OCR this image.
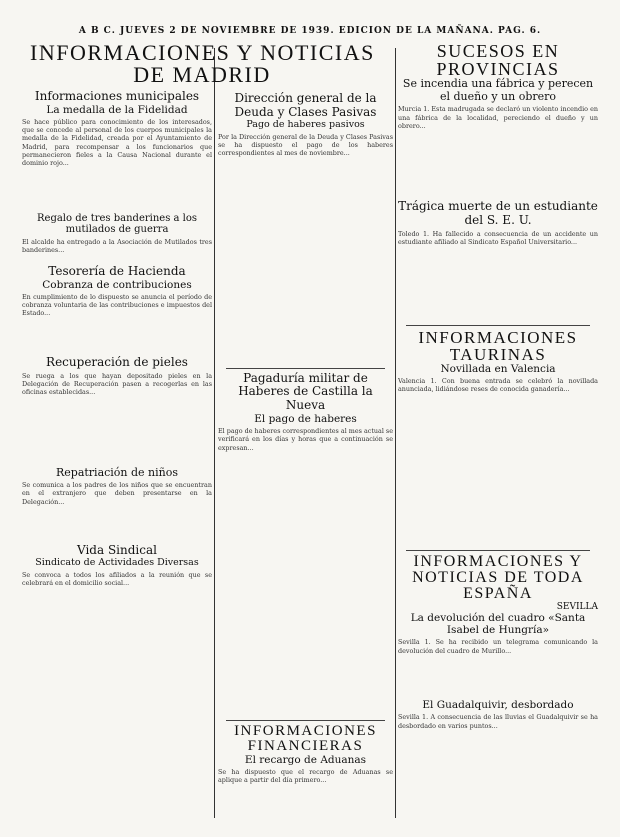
A B C. JUEVES 2 DE NOVIEMBRE DE 1939. EDICION DE LA MAÑANA. PAG. 6.

INFORMACIONES Y NOTICIAS

DE MADRID

Informaciones municipales

La medalla de la Fidelidad

Se hace público para conocimiento de los interesados, que se concede al personal de los cuerpos municipales la medalla de la Fidelidad, creada por el Ayuntamiento de Madrid, para recompensar a los funcionarios que permanecieron fieles a la Causa Nacional durante el dominio rojo...

Regalo de tres banderines a los mutilados de guerra

El alcalde ha entregado a la Asociación de Mutilados tres banderines...

Tesorería de Hacienda

Cobranza de contribuciones

En cumplimiento de lo dispuesto se anuncia el período de cobranza voluntaria de las contribuciones e impuestos del Estado...

Recuperación de pieles

Se ruega a los que hayan depositado pieles en la Delegación de Recuperación pasen a recogerlas en las oficinas establecidas...

Repatriación de niños

Se comunica a los padres de los niños que se encuentran en el extranjero que deben presentarse en la Delegación...

Vida Sindical

Sindicato de Actividades Diversas

Se convoca a todos los afiliados a la reunión que se celebrará en el domicilio social...

Dirección general de la Deuda y Clases Pasivas

Pago de haberes pasivos

Por la Dirección general de la Deuda y Clases Pasivas se ha dispuesto el pago de los haberes correspondientes al mes de noviembre...

Pagaduría militar de Haberes de Castilla la Nueva

El pago de haberes

El pago de haberes correspondientes al mes actual se verificará en los días y horas que a continuación se expresan...

INFORMACIONES FINANCIERAS

El recargo de Aduanas

Se ha dispuesto que el recargo de Aduanas se aplique a partir del día primero...

SUCESOS EN PROVINCIAS

Se incendia una fábrica y perecen el dueño y un obrero

Murcia 1. Esta madrugada se declaró un violento incendio en una fábrica de la localidad, pereciendo el dueño y un obrero...

Trágica muerte de un estudiante del S. E. U.

Toledo 1. Ha fallecido a consecuencia de un accidente un estudiante afiliado al Sindicato Español Universitario...

INFORMACIONES TAURINAS

Novillada en Valencia

Valencia 1. Con buena entrada se celebró la novillada anunciada, lidiándose reses de conocida ganadería...

INFORMACIONES Y NOTICIAS DE TODA ESPAÑA

SEVILLA

La devolución del cuadro «Santa Isabel de Hungría»

Sevilla 1. Se ha recibido un telegrama comunicando la devolución del cuadro de Murillo...

El Guadalquivir, desbordado

Sevilla 1. A consecuencia de las lluvias el Guadalquivir se ha desbordado en varios puntos...
